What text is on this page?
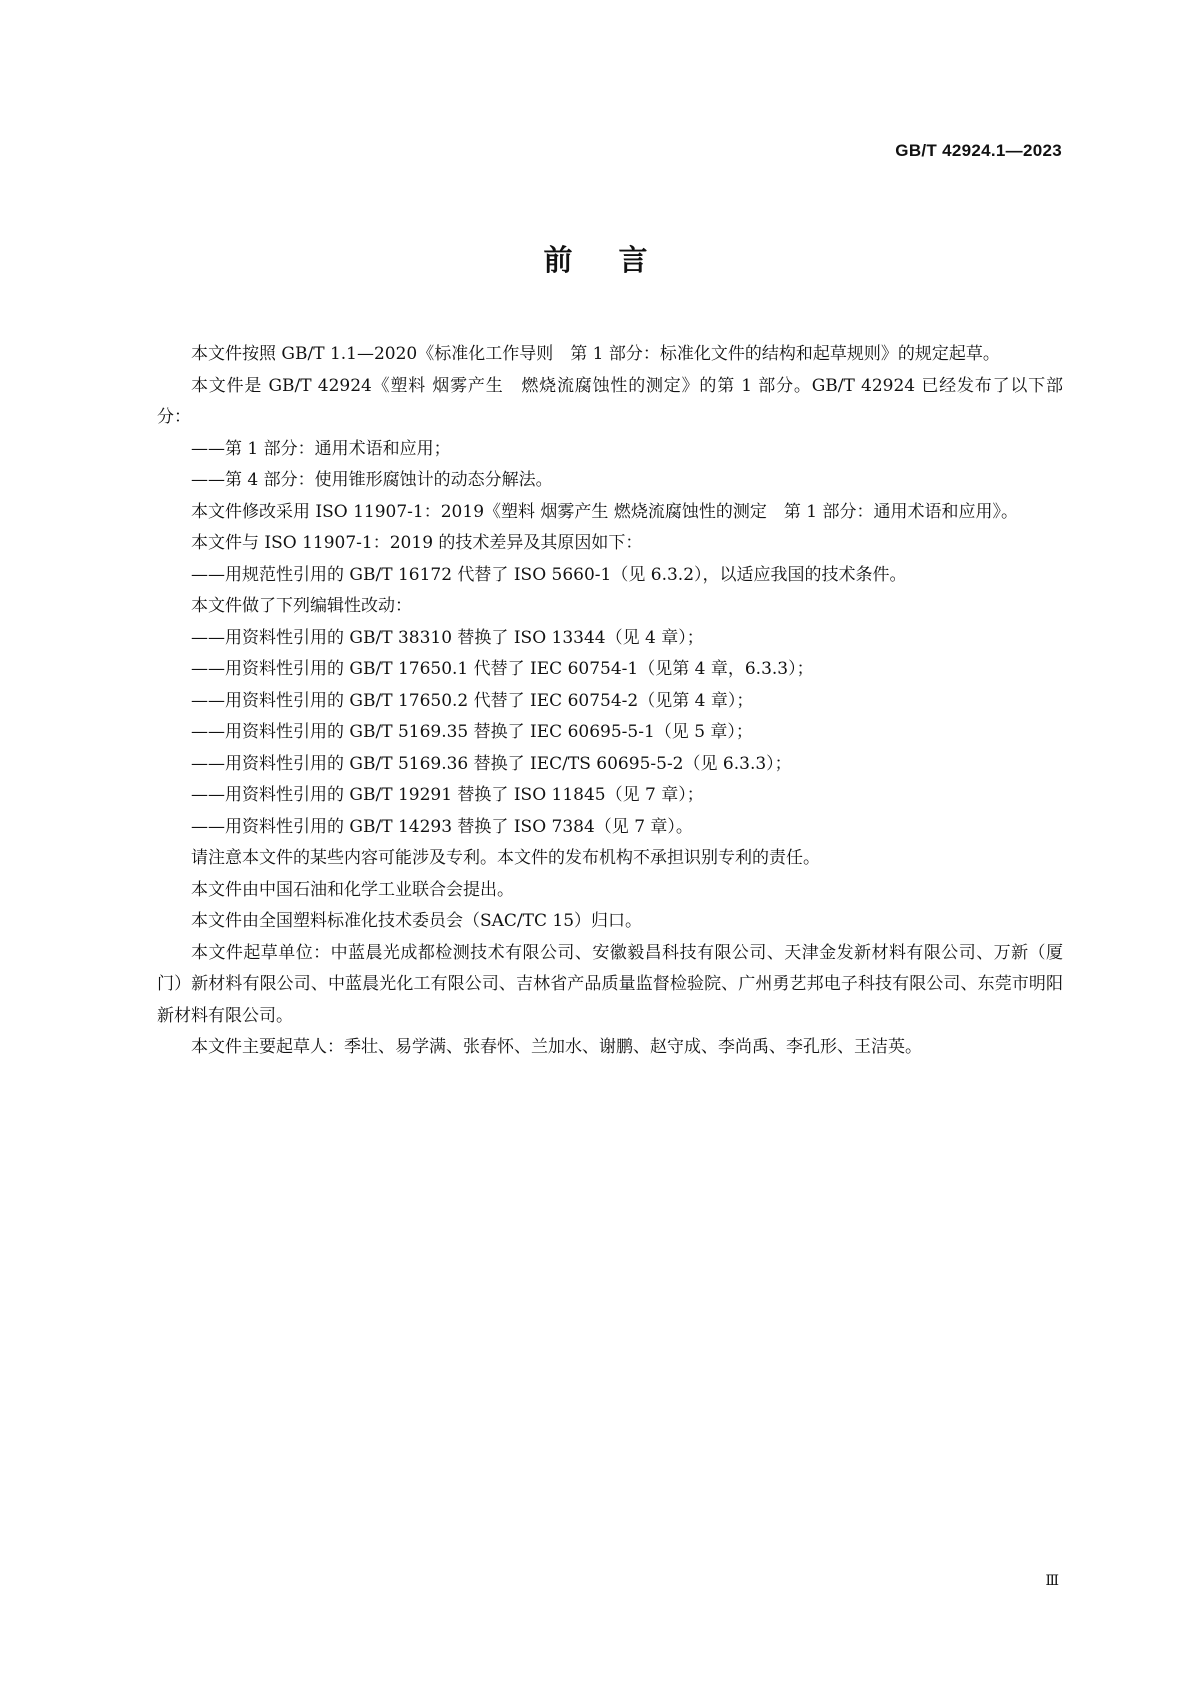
GB/T 42924.1—2023
前言

本文件按照 GB/T 1.1—2020《标准化工作导则　第 1 部分：标准化文件的结构和起草规则》的规定起草。

本文件是 GB/T 42924《塑料 烟雾产生　燃烧流腐蚀性的测定》的第 1 部分。GB/T 42924 已经发布了以下部分：

——第 1 部分：通用术语和应用；

——第 4 部分：使用锥形腐蚀计的动态分解法。

本文件修改采用 ISO 11907-1：2019《塑料 烟雾产生 燃烧流腐蚀性的测定　第 1 部分：通用术语和应用》。

本文件与 ISO 11907-1：2019 的技术差异及其原因如下：

——用规范性引用的 GB/T 16172 代替了 ISO 5660-1（见 6.3.2），以适应我国的技术条件。

本文件做了下列编辑性改动：

——用资料性引用的 GB/T 38310 替换了 ISO 13344（见 4 章）；

——用资料性引用的 GB/T 17650.1 代替了 IEC 60754-1（见第 4 章，6.3.3）；

——用资料性引用的 GB/T 17650.2 代替了 IEC 60754-2（见第 4 章）；

——用资料性引用的 GB/T 5169.35 替换了 IEC 60695-5-1（见 5 章）；

——用资料性引用的 GB/T 5169.36 替换了 IEC/TS 60695-5-2（见 6.3.3）；

——用资料性引用的 GB/T 19291 替换了 ISO 11845（见 7 章）；

——用资料性引用的 GB/T 14293 替换了 ISO 7384（见 7 章）。

请注意本文件的某些内容可能涉及专利。本文件的发布机构不承担识别专利的责任。

本文件由中国石油和化学工业联合会提出。

本文件由全国塑料标准化技术委员会（SAC/TC 15）归口。

本文件起草单位：中蓝晨光成都检测技术有限公司、安徽毅昌科技有限公司、天津金发新材料有限公司、万新（厦门）新材料有限公司、中蓝晨光化工有限公司、吉林省产品质量监督检验院、广州勇艺邦电子科技有限公司、东莞市明阳新材料有限公司。

本文件主要起草人：季壮、易学满、张春怀、兰加水、谢鹏、赵守成、李尚禹、李孔形、王洁英。

Ⅲ
